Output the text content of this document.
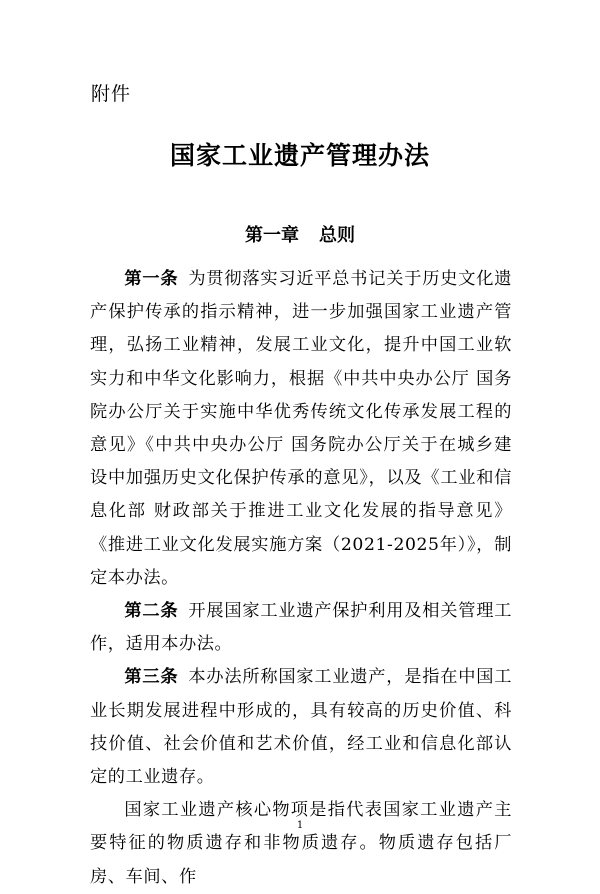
附件
国家工业遗产管理办法
第一章 总则

第一条 为贯彻落实习近平总书记关于历史文化遗产保护传承的指示精神，进一步加强国家工业遗产管理，弘扬工业精神，发展工业文化，提升中国工业软实力和中华文化影响力，根据《中共中央办公厅 国务院办公厅关于实施中华优秀传统文化传承发展工程的意见》《中共中央办公厅 国务院办公厅关于在城乡建设中加强历史文化保护传承的意见》，以及《工业和信息化部 财政部关于推进工业文化发展的指导意见》《推进工业文化发展实施方案（2021-2025年）》，制定本办法。

第二条 开展国家工业遗产保护利用及相关管理工作，适用本办法。

第三条 本办法所称国家工业遗产，是指在中国工业长期发展进程中形成的，具有较高的历史价值、科技价值、社会价值和艺术价值，经工业和信息化部认定的工业遗存。

国家工业遗产核心物项是指代表国家工业遗产主要特征的物质遗存和非物质遗存。物质遗存包括厂房、车间、作

1
